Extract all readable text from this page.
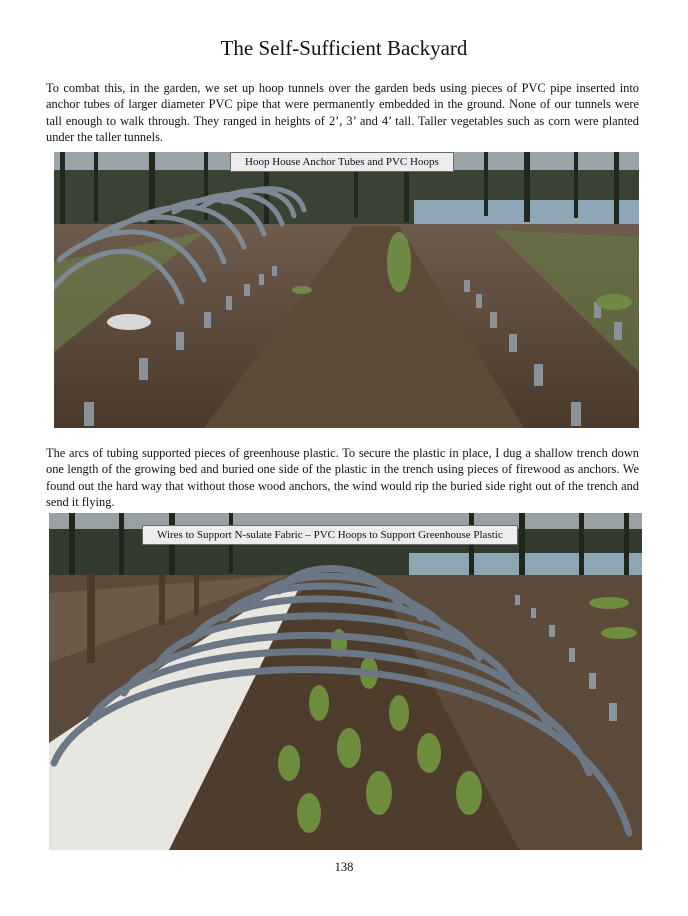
The Self-Sufficient Backyard

To combat this, in the garden, we set up hoop tunnels over the garden beds using pieces of PVC pipe inserted into anchor tubes of larger diameter PVC pipe that were permanently embedded in the ground. None of our tunnels were tall enough to walk through. They ranged in heights of 2’, 3’ and 4’ tall. Taller vegetables such as corn were planted under the taller tunnels.

Hoop House Anchor Tubes and PVC Hoops

The arcs of tubing supported pieces of greenhouse plastic. To secure the plastic in place, I dug a shallow trench down one length of the growing bed and buried one side of the plastic in the trench using pieces of firewood as anchors. We found out the hard way that without those wood anchors, the wind would rip the buried side right out of the trench and send it flying.

Wires to Support N-sulate Fabric – PVC Hoops to Support Greenhouse Plastic
138
